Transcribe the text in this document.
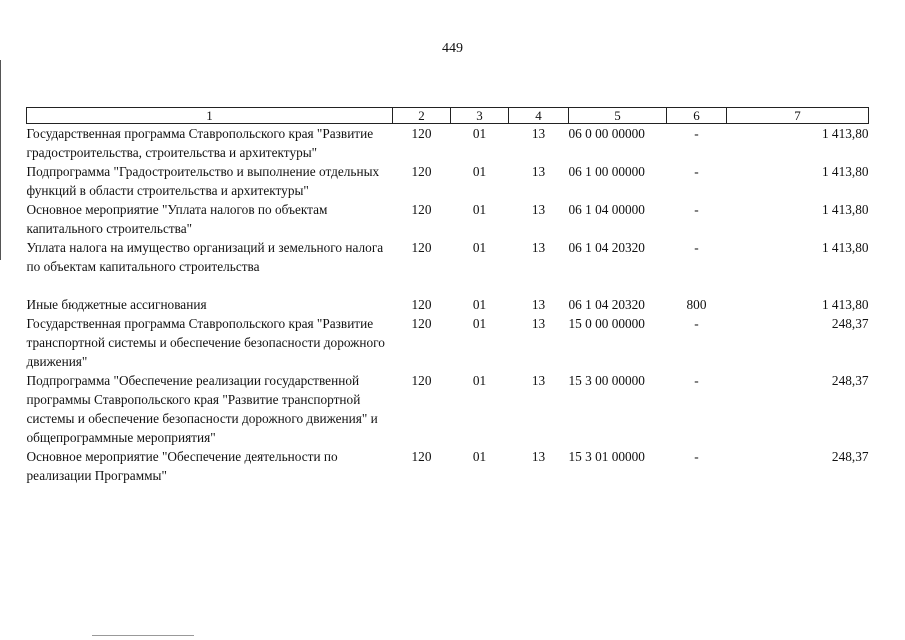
449
1	2	3	4	5	6	7
Государственная программа Ставропольского края "Развитие градостроительства, строительства и архитектуры"	120	01	13	06 0 00 00000	-	1 413,80
Подпрограмма "Градостроительство и выполнение отдельных функций в области строительства и архитектуры"	120	01	13	06 1 00 00000	-	1 413,80
Основное мероприятие "Уплата налогов по объектам капитального строительства"	120	01	13	06 1 04 00000	-	1 413,80
Уплата налога на имущество организаций и земельного налога по объектам капитального строительства	120	01	13	06 1 04 20320	-	1 413,80

Иные бюджетные ассигнования	120	01	13	06 1 04 20320	800	1 413,80
Государственная программа Ставропольского края "Развитие транспортной системы и обеспечение безопасности дорожного движения"	120	01	13	15 0 00 00000	-	248,37
Подпрограмма "Обеспечение реализации государственной программы Ставропольского края "Развитие транспортной системы и обеспечение безопасности дорожного движения" и общепрограммные мероприятия"	120	01	13	15 3 00 00000	-	248,37
Основное мероприятие "Обеспечение деятельности по реализации Программы"	120	01	13	15 3 01 00000	-	248,37
